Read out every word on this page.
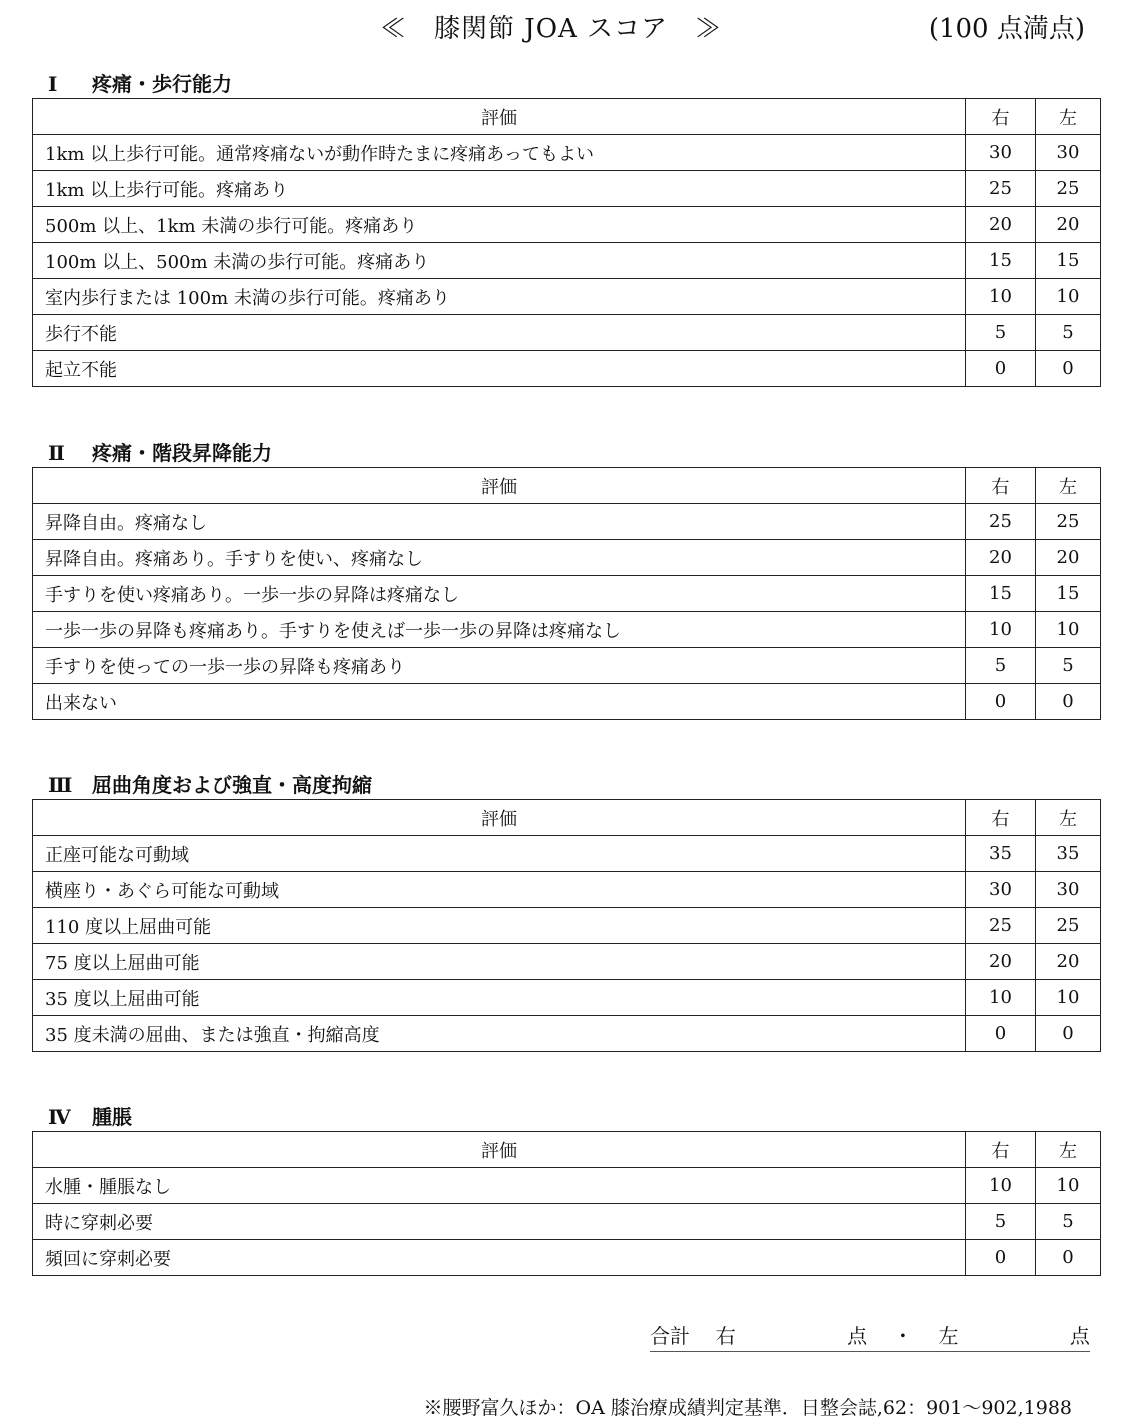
≪　膝関節 JOA スコア　≫	(100 点満点)
Ⅰ 疼痛・歩行能力
評価	右	左
1km 以上歩行可能。通常疼痛ないが動作時たまに疼痛あってもよい	30	30
1km 以上歩行可能。疼痛あり	25	25
500m 以上、1km 未満の歩行可能。疼痛あり	20	20
100m 以上、500m 未満の歩行可能。疼痛あり	15	15
室内歩行または 100m 未満の歩行可能。疼痛あり	10	10
歩行不能	5	5
起立不能	0	0
Ⅱ 疼痛・階段昇降能力
評価	右	左
昇降自由。疼痛なし	25	25
昇降自由。疼痛あり。手すりを使い、疼痛なし	20	20
手すりを使い疼痛あり。一歩一歩の昇降は疼痛なし	15	15
一歩一歩の昇降も疼痛あり。手すりを使えば一歩一歩の昇降は疼痛なし	10	10
手すりを使っての一歩一歩の昇降も疼痛あり	5	5
出来ない	0	0
Ⅲ 屈曲角度および強直・高度拘縮
評価	右	左
正座可能な可動域	35	35
横座り・あぐら可能な可動域	30	30
110 度以上屈曲可能	25	25
75 度以上屈曲可能	20	20
35 度以上屈曲可能	10	10
35 度未満の屈曲、または強直・拘縮高度	0	0
Ⅳ 腫脹
評価	右	左
水腫・腫脹なし	10	10
時に穿刺必要	5	5
頻回に穿刺必要	0	0
合計 右	点 ・ 左	点
※腰野富久ほか：OA 膝治療成績判定基準．日整会誌,62：901〜902,1988
